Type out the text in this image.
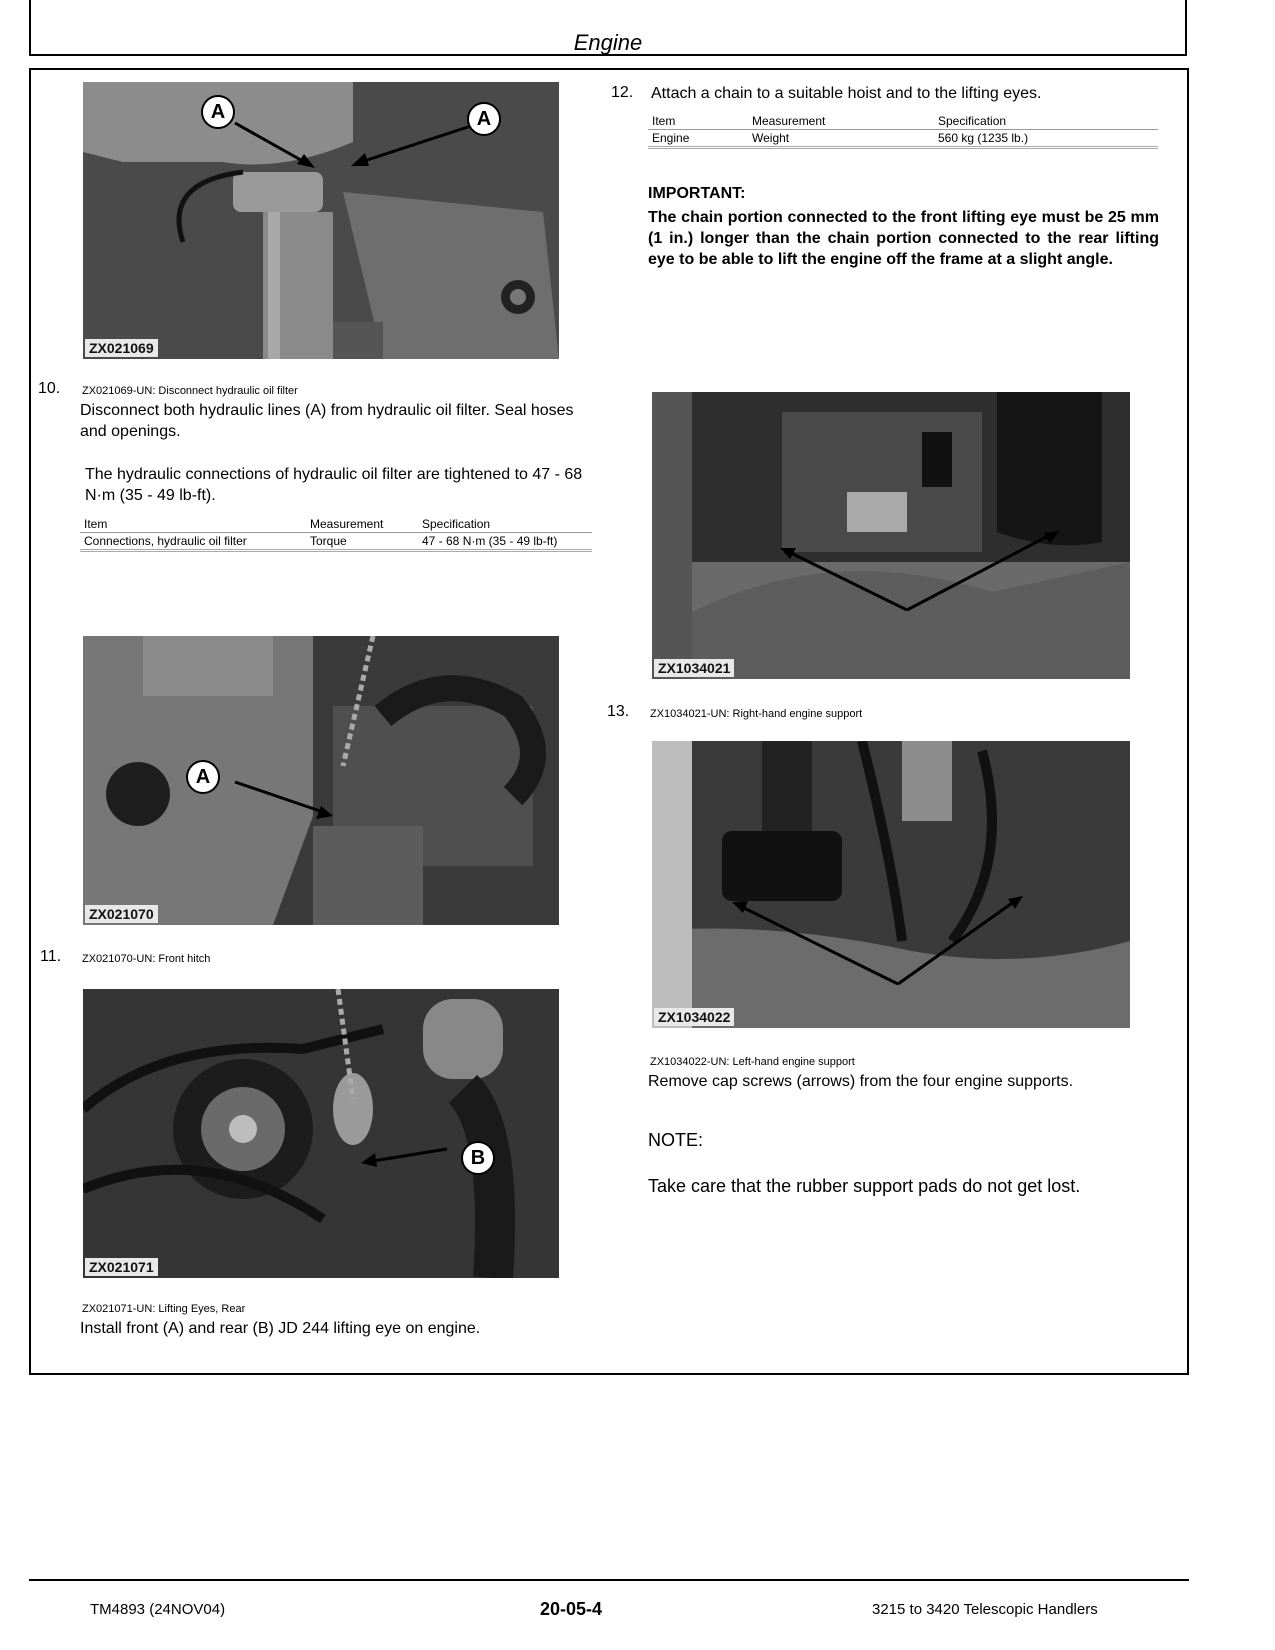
Engine
A	A
ZX021069
10. ZX021069-UN: Disconnect hydraulic oil filter
Disconnect both hydraulic lines (A) from hydraulic oil filter. Seal hoses and openings.
The hydraulic connections of hydraulic oil filter are tightened to 47 - 68 N·m (35 - 49 lb-ft).
Item	Measurement	Specification
Connections, hydraulic oil filter	Torque	47 - 68 N·m (35 - 49 lb-ft)
A
ZX021070
11. ZX021070-UN: Front hitch
B
ZX021071
ZX021071-UN: Lifting Eyes, Rear
Install front (A) and rear (B) JD 244 lifting eye on engine.
12. Attach a chain to a suitable hoist and to the lifting eyes.
Item	Measurement	Specification
Engine	Weight	560 kg (1235 lb.)
IMPORTANT:
The chain portion connected to the front lifting eye must be 25 mm (1 in.) longer than the chain portion connected to the rear lifting eye to be able to lift the engine off the frame at a slight angle.
ZX1034021
13. ZX1034021-UN: Right-hand engine support
ZX1034022
ZX1034022-UN: Left-hand engine support
Remove cap screws (arrows) from the four engine supports.
NOTE:
Take care that the rubber support pads do not get lost.
TM4893 (24NOV04)	20-05-4	3215 to 3420 Telescopic Handlers
